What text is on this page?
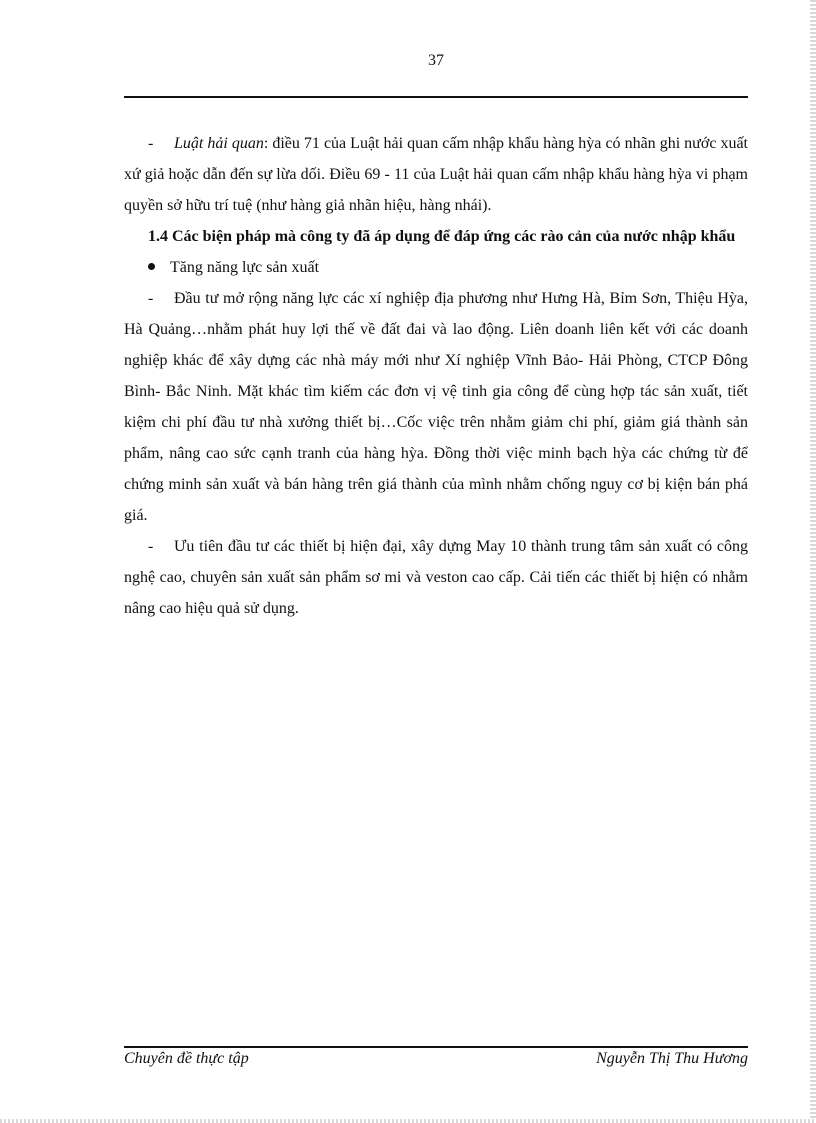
37

- Luật hải quan: điều 71 của Luật hải quan cấm nhập khẩu hàng hỳa có nhãn ghi nước xuất xứ giả hoặc dẫn đến sự lừa dối. Điều 69 - 11 của Luật hải quan cấm nhập khẩu hàng hỳa vi phạm quyền sở hữu trí tuệ (như hàng giả nhãn hiệu, hàng nhái).

1.4 Các biện pháp mà công ty đã áp dụng để đáp ứng các rào cản của nước nhập khẩu

Tăng năng lực sản xuất

- Đầu tư mở rộng năng lực các xí nghiệp địa phương như Hưng Hà, Bỉm Sơn, Thiệu Hỳa, Hà Quảng…nhằm phát huy lợi thế về đất đai và lao động. Liên doanh liên kết với các doanh nghiệp khác để xây dựng các nhà máy mới như Xí nghiệp Vĩnh Bảo- Hải Phòng, CTCP Đông Bình- Bắc Ninh. Mặt khác tìm kiếm các đơn vị vệ tinh gia công để cùng hợp tác sản xuất, tiết kiệm chi phí đầu tư nhà xưởng thiết bị…Cốc việc trên nhằm giảm chi phí, giảm giá thành sản phẩm, nâng cao sức cạnh tranh của hàng hỳa. Đồng thời việc minh bạch hỳa các chứng từ để chứng minh sản xuất và bán hàng trên giá thành của mình nhằm chống nguy cơ bị kiện bán phá giá.

- Ưu tiên đầu tư các thiết bị hiện đại, xây dựng May 10 thành trung tâm sản xuất có công nghệ cao, chuyên sản xuất sản phẩm sơ mi và veston cao cấp. Cải tiến các thiết bị hiện có nhằm nâng cao hiệu quả sử dụng.

Chuyên đề thực tập	Nguyễn Thị Thu Hương
